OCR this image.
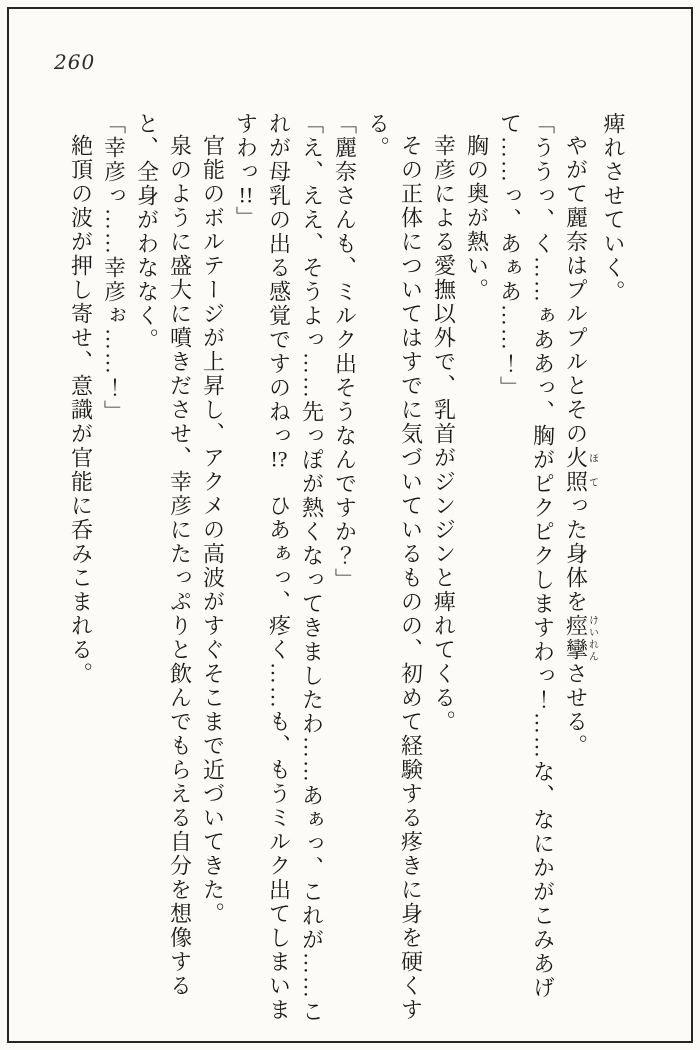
260

痺れさせていく。

やがて麗奈はプルプルとその火照ほてった身体を痙攣けいれんさせる。

「ううっ、く……ぁああっ、胸がピクピクしますわっ！……な、なにかがこみあげて……っ、あぁあ……！」

胸の奥が熱い。

幸彦による愛撫以外で、乳首がジンジンと痺れてくる。

その正体についてはすでに気づいているものの、初めて経験する疼きに身を硬くする。

「麗奈さんも、ミルク出そうなんですか？」

「え、ええ、そうよっ……先っぽが熱くなってきましたわ……あぁっ、これが……これが母乳の出る感覚ですのねっ!?　ひあぁっ、疼く……も、もうミルク出てしまいますわっ!!」

官能のボルテージが上昇し、アクメの高波がすぐそこまで近づいてきた。

泉のように盛大に噴きださせ、幸彦にたっぷりと飲んでもらえる自分を想像すると、全身がわななく。

「幸彦っ……幸彦ぉ……！」

絶頂の波が押し寄せ、意識が官能に呑みこまれる。
